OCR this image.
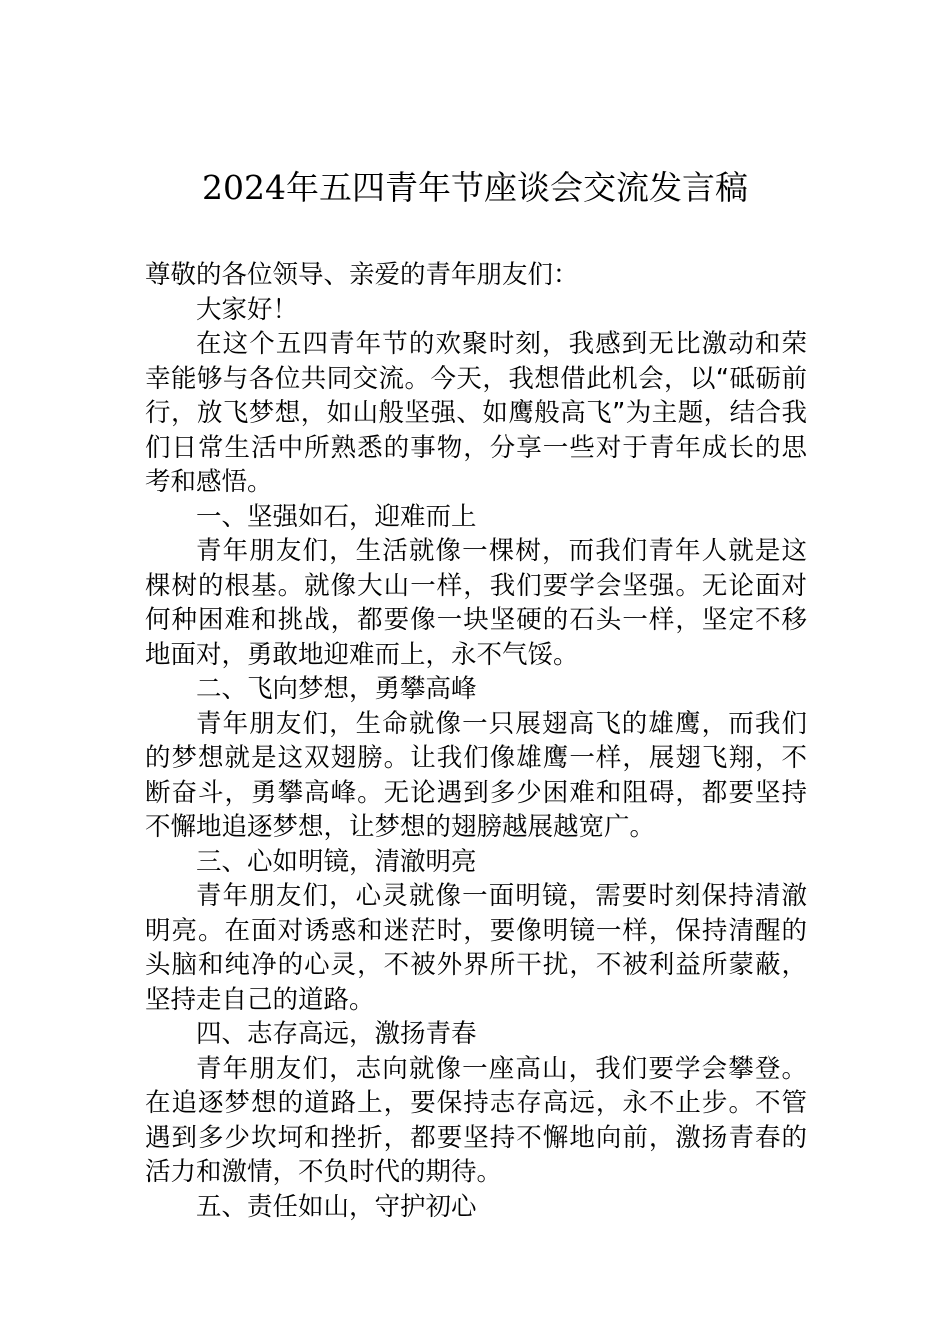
2024年五四青年节座谈会交流发言稿

尊敬的各位领导、亲爱的青年朋友们：

大家好！

在这个五四青年节的欢聚时刻，我感到无比激动和荣幸能够与各位共同交流。今天，我想借此机会，以“砥砺前行，放飞梦想，如山般坚强、如鹰般高飞”为主题，结合我们日常生活中所熟悉的事物，分享一些对于青年成长的思考和感悟。

一、坚强如石，迎难而上

青年朋友们，生活就像一棵树，而我们青年人就是这棵树的根基。就像大山一样，我们要学会坚强。无论面对何种困难和挑战，都要像一块坚硬的石头一样，坚定不移地面对，勇敢地迎难而上，永不气馁。

二、飞向梦想，勇攀高峰

青年朋友们，生命就像一只展翅高飞的雄鹰，而我们的梦想就是这双翅膀。让我们像雄鹰一样，展翅飞翔，不断奋斗，勇攀高峰。无论遇到多少困难和阻碍，都要坚持不懈地追逐梦想，让梦想的翅膀越展越宽广。

三、心如明镜，清澈明亮

青年朋友们，心灵就像一面明镜，需要时刻保持清澈明亮。在面对诱惑和迷茫时，要像明镜一样，保持清醒的头脑和纯净的心灵，不被外界所干扰，不被利益所蒙蔽，坚持走自己的道路。

四、志存高远，激扬青春

青年朋友们，志向就像一座高山，我们要学会攀登。在追逐梦想的道路上，要保持志存高远，永不止步。不管遇到多少坎坷和挫折，都要坚持不懈地向前，激扬青春的活力和激情，不负时代的期待。

五、责任如山，守护初心
